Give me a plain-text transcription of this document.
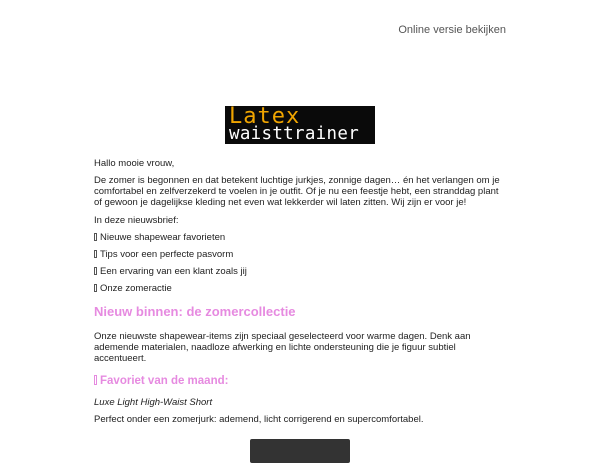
Online versie bekijken
Latex
waisttrainer

Hallo mooie vrouw,

De zomer is begonnen en dat betekent luchtige jurkjes, zonnige dagen… én het verlangen om je comfortabel en zelfverzekerd te voelen in je outfit. Of je nu een feestje hebt, een stranddag plant of gewoon je dagelijkse kleding net even wat lekkerder wil laten zitten. Wij zijn er voor je!

In deze nieuwsbrief:

Nieuwe shapewear favorieten
Tips voor een perfecte pasvorm
Een ervaring van een klant zoals jij
Onze zomeractie
Nieuw binnen: de zomercollectie

Onze nieuwste shapewear-items zijn speciaal geselecteerd voor warme dagen. Denk aan ademende materialen, naadloze afwerking en lichte ondersteuning die je figuur subtiel accentueert.

Favoriet van de maand:

Luxe Light High-Waist Short

Perfect onder een zomerjurk: ademend, licht corrigerend en supercomfortabel.
